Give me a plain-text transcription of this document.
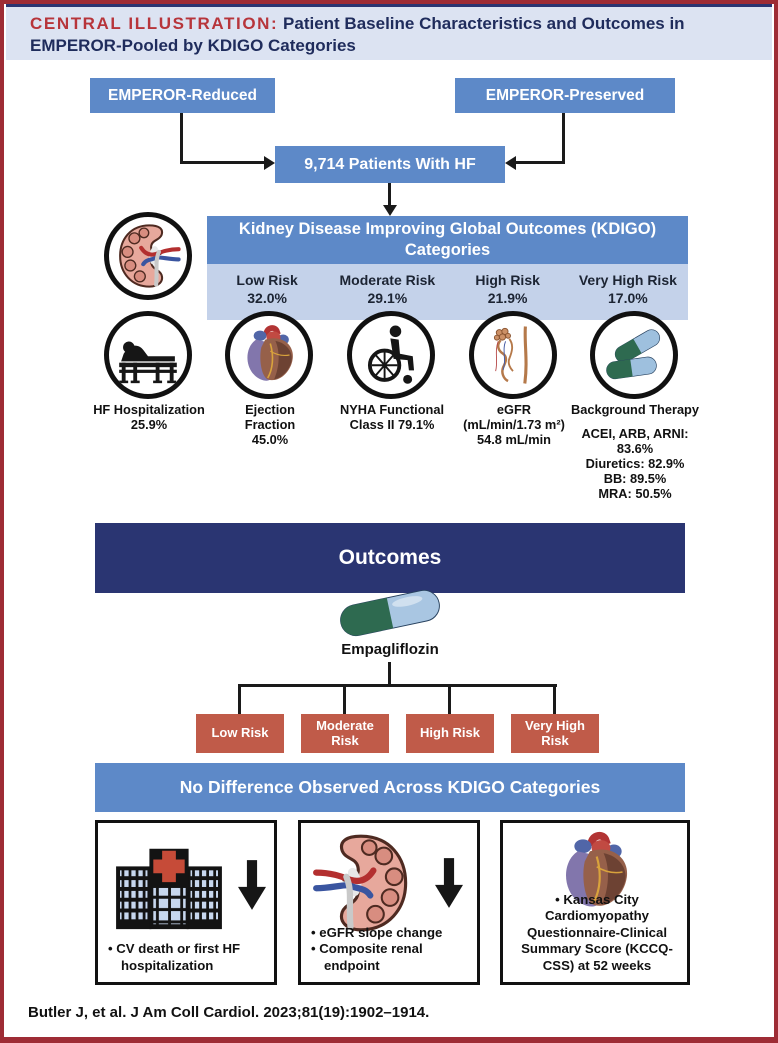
CENTRAL ILLUSTRATION: Patient Baseline Characteristics and Outcomes in EMPEROR-Pooled by KDIGO Categories
EMPEROR-Reduced	EMPEROR-Preserved
9,714 Patients With HF
Kidney Disease Improving Global Outcomes (KDIGO)
Categories
Low Risk
32.0%
Moderate Risk
29.1%
High Risk
21.9%
Very High Risk
17.0%
HF Hospitalization
25.9%
Ejection
Fraction
45.0%
NYHA Functional
Class II 79.1%
eGFR
(mL/min/1.73 m²)
54.8 mL/min
Background Therapy
ACEI, ARB, ARNI: 83.6%
Diuretics: 82.9%
BB: 89.5%
MRA: 50.5%
Outcomes
Empagliflozin
Low Risk	Moderate Risk	High Risk	Very High Risk
No Difference Observed Across KDIGO Categories
• CV death or first HF hospitalization
• eGFR slope change
• Composite renal endpoint
• Kansas City Cardiomyopathy Questionnaire-Clinical Summary Score (KCCQ-CSS) at 52 weeks
Butler J, et al. J Am Coll Cardiol. 2023;81(19):1902–1914.
